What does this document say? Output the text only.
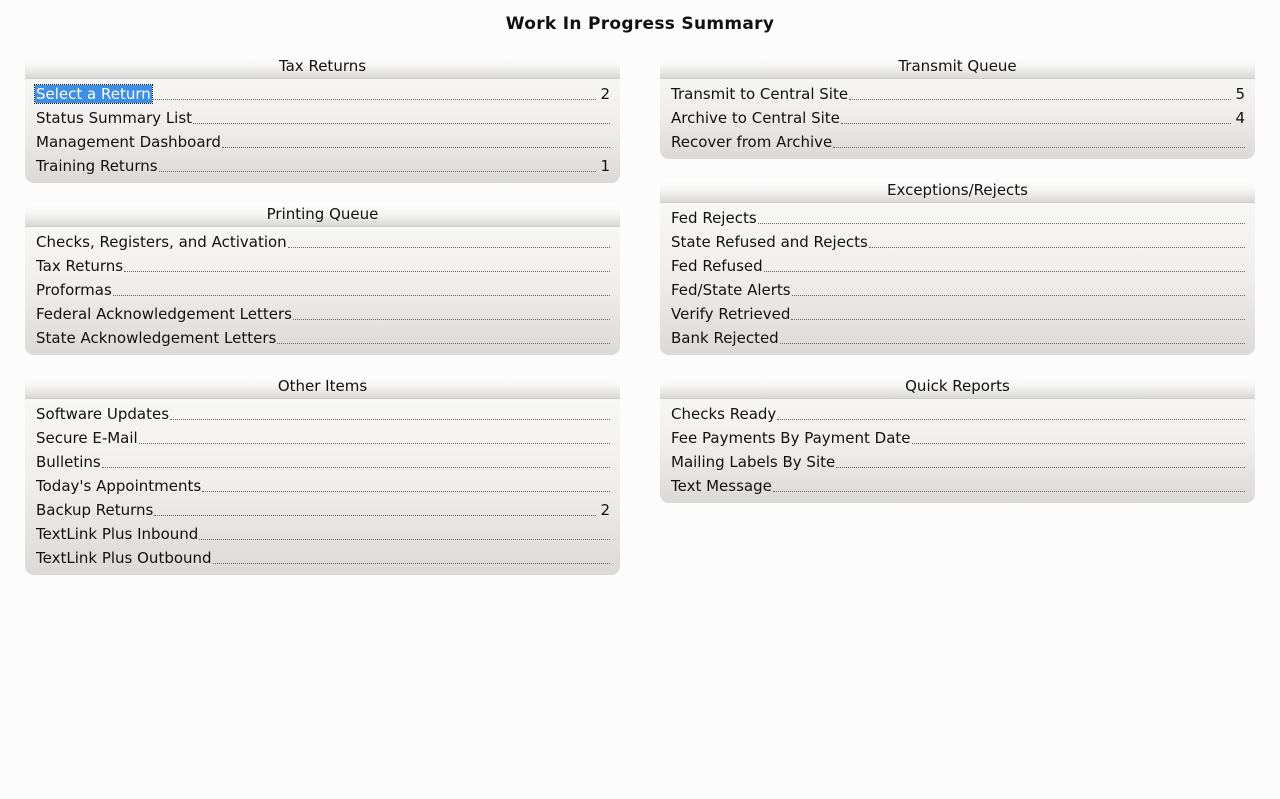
Work In Progress Summary
Tax Returns
Select a Return	2
Status Summary List
Management Dashboard
Training Returns	1
Printing Queue
Checks, Registers, and Activation
Tax Returns
Proformas
Federal Acknowledgement Letters
State Acknowledgement Letters
Other Items
Software Updates
Secure E-Mail
Bulletins
Today's Appointments
Backup Returns	2
TextLink Plus Inbound
TextLink Plus Outbound
Transmit Queue
Transmit to Central Site	5
Archive to Central Site	4
Recover from Archive
Exceptions/Rejects
Fed Rejects
State Refused and Rejects
Fed Refused
Fed/State Alerts
Verify Retrieved
Bank Rejected
Quick Reports
Checks Ready
Fee Payments By Payment Date
Mailing Labels By Site
Text Message
